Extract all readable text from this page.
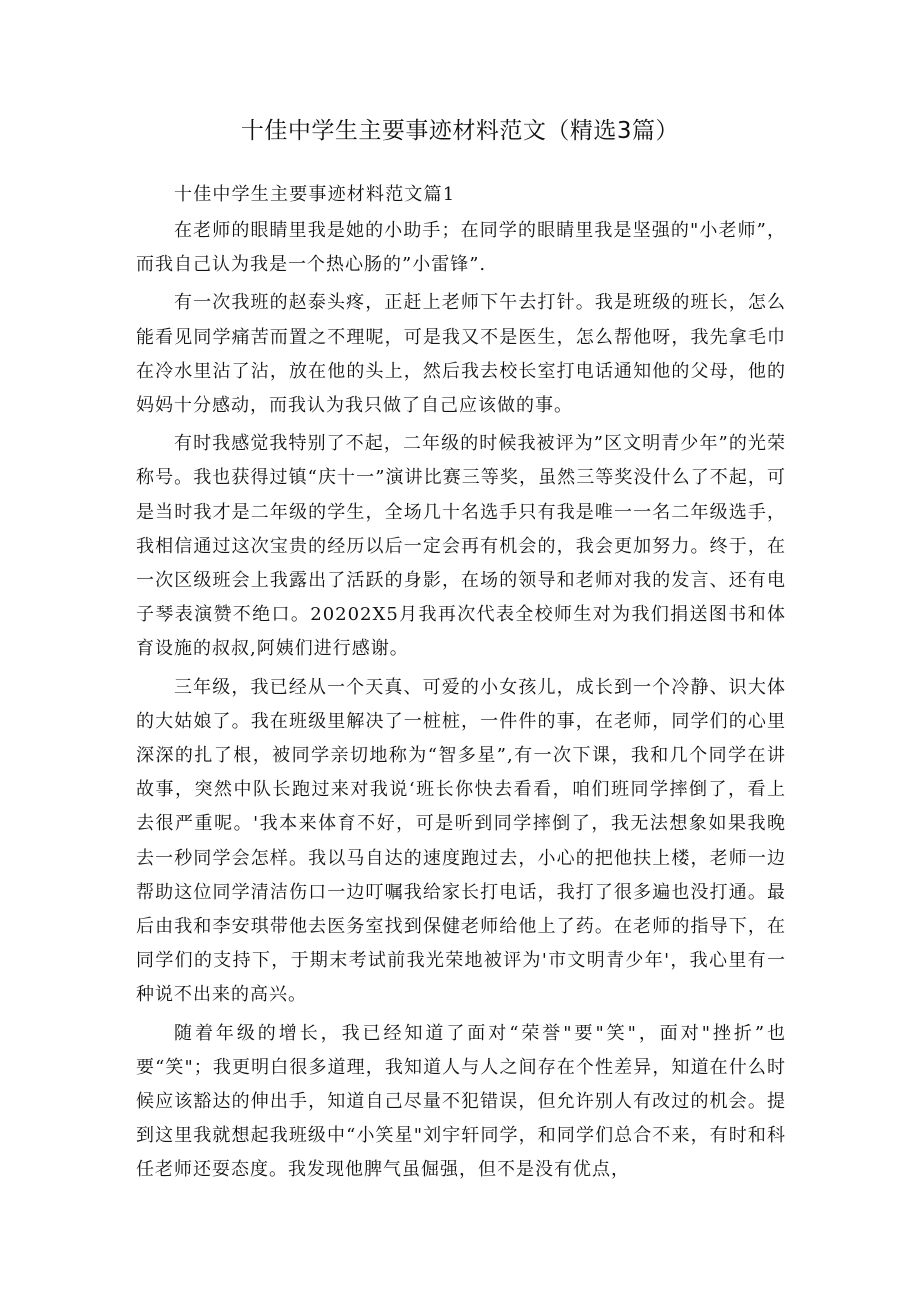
十佳中学生主要事迹材料范文（精选3篇）
十佳中学生主要事迹材料范文篇1

在老师的眼睛里我是她的小助手；在同学的眼睛里我是坚强的"小老师”，而我自己认为我是一个热心肠的”小雷锋”.

有一次我班的赵泰头疼，正赶上老师下午去打针。我是班级的班长，怎么能看见同学痛苦而置之不理呢，可是我又不是医生，怎么帮他呀，我先拿毛巾在冷水里沾了沾，放在他的头上，然后我去校长室打电话通知他的父母，他的妈妈十分感动，而我认为我只做了自己应该做的事。

有时我感觉我特别了不起，二年级的时候我被评为”区文明青少年”的光荣称号。我也获得过镇“庆十一”演讲比赛三等奖，虽然三等奖没什么了不起，可是当时我才是二年级的学生，全场几十名选手只有我是唯一一名二年级选手，我相信通过这次宝贵的经历以后一定会再有机会的，我会更加努力。终于，在一次区级班会上我露出了活跃的身影，在场的领导和老师对我的发言、还有电子琴表演赞不绝口。20202X5月我再次代表全校师生对为我们捐送图书和体育设施的叔叔,阿姨们进行感谢。

三年级，我已经从一个天真、可爱的小女孩儿，成长到一个冷静、识大体的大姑娘了。我在班级里解决了一桩桩，一件件的事，在老师，同学们的心里深深的扎了根，被同学亲切地称为“智多星”,有一次下课，我和几个同学在讲故事，突然中队长跑过来对我说‘班长你快去看看，咱们班同学摔倒了，看上去很严重呢。'我本来体育不好，可是听到同学摔倒了，我无法想象如果我晚去一秒同学会怎样。我以马自达的速度跑过去，小心的把他扶上楼，老师一边帮助这位同学清洁伤口一边叮嘱我给家长打电话，我打了很多遍也没打通。最后由我和李安琪带他去医务室找到保健老师给他上了药。在老师的指导下，在同学们的支持下，于期末考试前我光荣地被评为'市文明青少年'，我心里有一种说不出来的高兴。

随着年级的增长，我已经知道了面对“荣誉"要"笑"，面对"挫折”也要“笑"；我更明白很多道理，我知道人与人之间存在个性差异，知道在什么时候应该豁达的伸出手，知道自己尽量不犯错误，但允许别人有改过的机会。提到这里我就想起我班级中“小笑星"刘宇轩同学，和同学们总合不来，有时和科任老师还耍态度。我发现他脾气虽倔强，但不是没有优点，
